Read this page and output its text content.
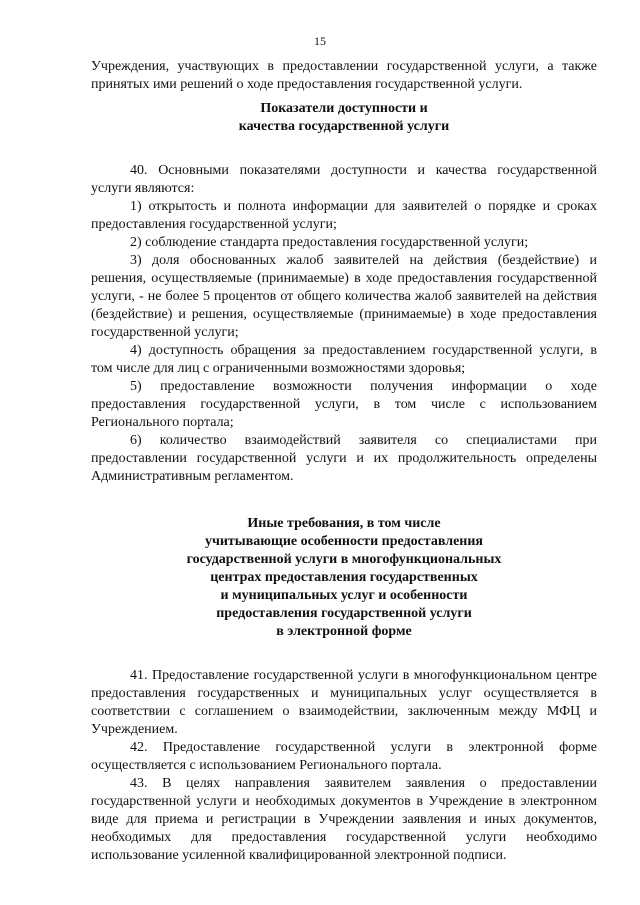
15

Учреждения, участвующих в предоставлении государственной услуги, а также принятых ими решений о ходе предоставления государственной услуги.

Показатели доступности и
качества государственной услуги

40. Основными показателями доступности и качества государственной услуги являются:

1) открытость и полнота информации для заявителей о порядке и сроках предоставления государственной услуги;

2) соблюдение стандарта предоставления государственной услуги;

3) доля обоснованных жалоб заявителей на действия (бездействие) и решения, осуществляемые (принимаемые) в ходе предоставления государственной услуги, - не более 5 процентов от общего количества жалоб заявителей на действия (бездействие) и решения, осуществляемые (принимаемые) в ходе предоставления государственной услуги;

4) доступность обращения за предоставлением государственной услуги, в том числе для лиц с ограниченными возможностями здоровья;

5) предоставление возможности получения информации о ходе предоставления государственной услуги, в том числе с использованием Регионального портала;

6) количество взаимодействий заявителя со специалистами при предоставлении государственной услуги и их продолжительность определены Административным регламентом.

Иные требования, в том числе
учитывающие особенности предоставления
государственной услуги в многофункциональных
центрах предоставления государственных
и муниципальных услуг и особенности
предоставления государственной услуги
в электронной форме

41. Предоставление государственной услуги в многофункциональном центре предоставления государственных и муниципальных услуг осуществляется в соответствии с соглашением о взаимодействии, заключенным между МФЦ и Учреждением.

42. Предоставление государственной услуги в электронной форме осуществляется с использованием Регионального портала.

43. В целях направления заявителем заявления о предоставлении государственной услуги и необходимых документов в Учреждение в электронном виде для приема и регистрации в Учреждении заявления и иных документов, необходимых для предоставления государственной услуги необходимо использование усиленной квалифицированной электронной подписи.
